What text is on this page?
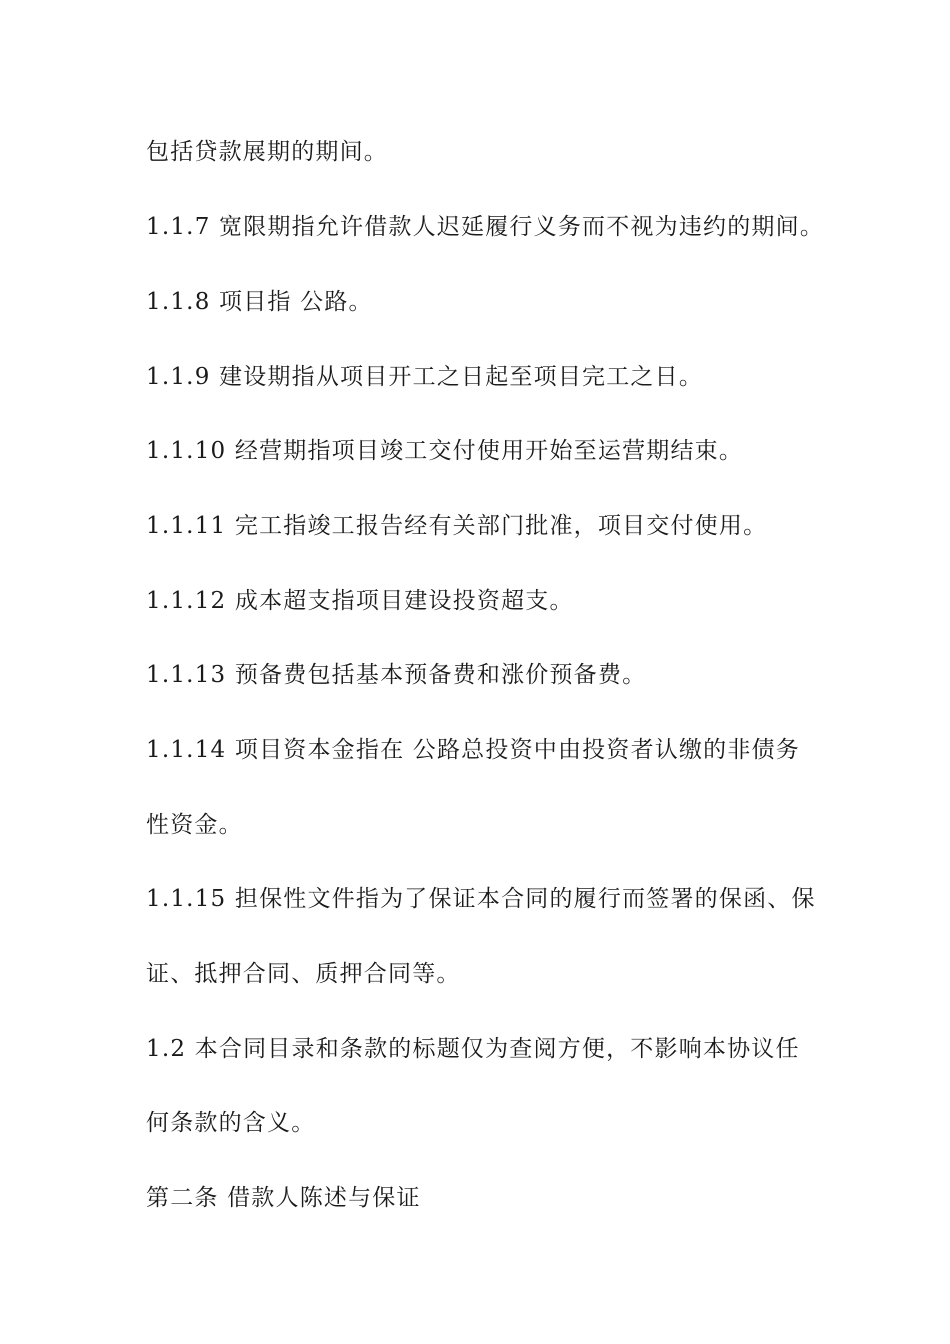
包括贷款展期的期间。
1.1.7 宽限期指允许借款人迟延履行义务而不视为违约的期间。
1.1.8 项目指 公路。
1.1.9 建设期指从项目开工之日起至项目完工之日。
1.1.10 经营期指项目竣工交付使用开始至运营期结束。
1.1.11 完工指竣工报告经有关部门批准，项目交付使用。
1.1.12 成本超支指项目建设投资超支。
1.1.13 预备费包括基本预备费和涨价预备费。
1.1.14 项目资本金指在 公路总投资中由投资者认缴的非债务
性资金。
1.1.15 担保性文件指为了保证本合同的履行而签署的保函、保
证、抵押合同、质押合同等。
1.2 本合同目录和条款的标题仅为查阅方便，不影响本协议任
何条款的含义。
第二条 借款人陈述与保证
